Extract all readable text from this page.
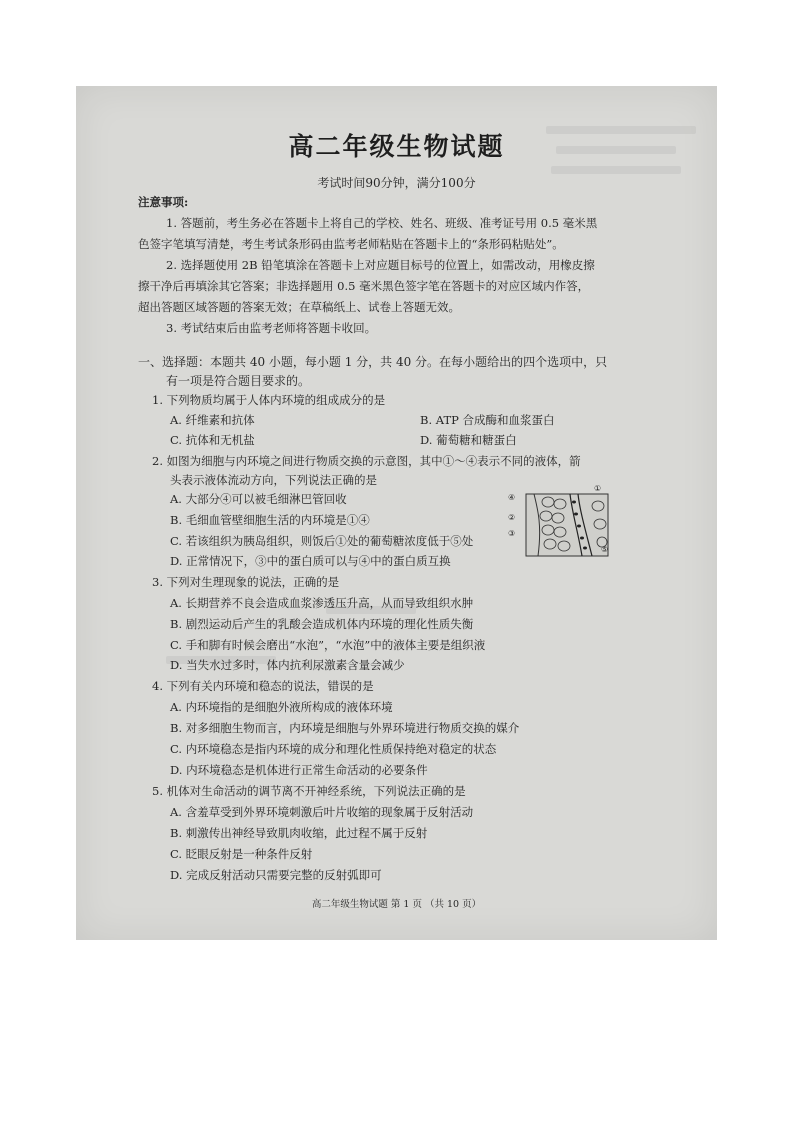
高二年级生物试题
考试时间90分钟，满分100分
注意事项:
1. 答题前，考生务必在答题卡上将自己的学校、姓名、班级、准考证号用 0.5 毫米黑
色签字笔填写清楚，考生考试条形码由监考老师粘贴在答题卡上的“条形码粘贴处”。
2. 选择题使用 2B 铅笔填涂在答题卡上对应题目标号的位置上，如需改动，用橡皮擦
擦干净后再填涂其它答案；非选择题用 0.5 毫米黑色签字笔在答题卡的对应区域内作答，
超出答题区域答题的答案无效；在草稿纸上、试卷上答题无效。
3. 考试结束后由监考老师将答题卡收回。
一、选择题：本题共 40 小题，每小题 1 分，共 40 分。在每小题给出的四个选项中，只
有一项是符合题目要求的。
1. 下列物质均属于人体内环境的组成成分的是
A. 纤维素和抗体	B. ATP 合成酶和血浆蛋白
C. 抗体和无机盐	D. 葡萄糖和糖蛋白
2. 如图为细胞与内环境之间进行物质交换的示意图，其中①～④表示不同的液体，箭
头表示液体流动方向，下列说法正确的是
A. 大部分④可以被毛细淋巴管回收
B. 毛细血管壁细胞生活的内环境是①④
C. 若该组织为胰岛组织，则饭后①处的葡萄糖浓度低于⑤处
D. 正常情况下，③中的蛋白质可以与④中的蛋白质互换
①
②
③
④
⑤
3. 下列对生理现象的说法，正确的是
A. 长期营养不良会造成血浆渗透压升高，从而导致组织水肿
B. 剧烈运动后产生的乳酸会造成机体内环境的理化性质失衡
C. 手和脚有时候会磨出“水泡”，“水泡”中的液体主要是组织液
D. 当失水过多时，体内抗利尿激素含量会减少
4. 下列有关内环境和稳态的说法，错误的是
A. 内环境指的是细胞外液所构成的液体环境
B. 对多细胞生物而言，内环境是细胞与外界环境进行物质交换的媒介
C. 内环境稳态是指内环境的成分和理化性质保持绝对稳定的状态
D. 内环境稳态是机体进行正常生命活动的必要条件
5. 机体对生命活动的调节离不开神经系统，下列说法正确的是
A. 含羞草受到外界环境刺激后叶片收缩的现象属于反射活动
B. 刺激传出神经导致肌肉收缩，此过程不属于反射
C. 眨眼反射是一种条件反射
D. 完成反射活动只需要完整的反射弧即可
高二年级生物试题 第 1 页 （共 10 页）
